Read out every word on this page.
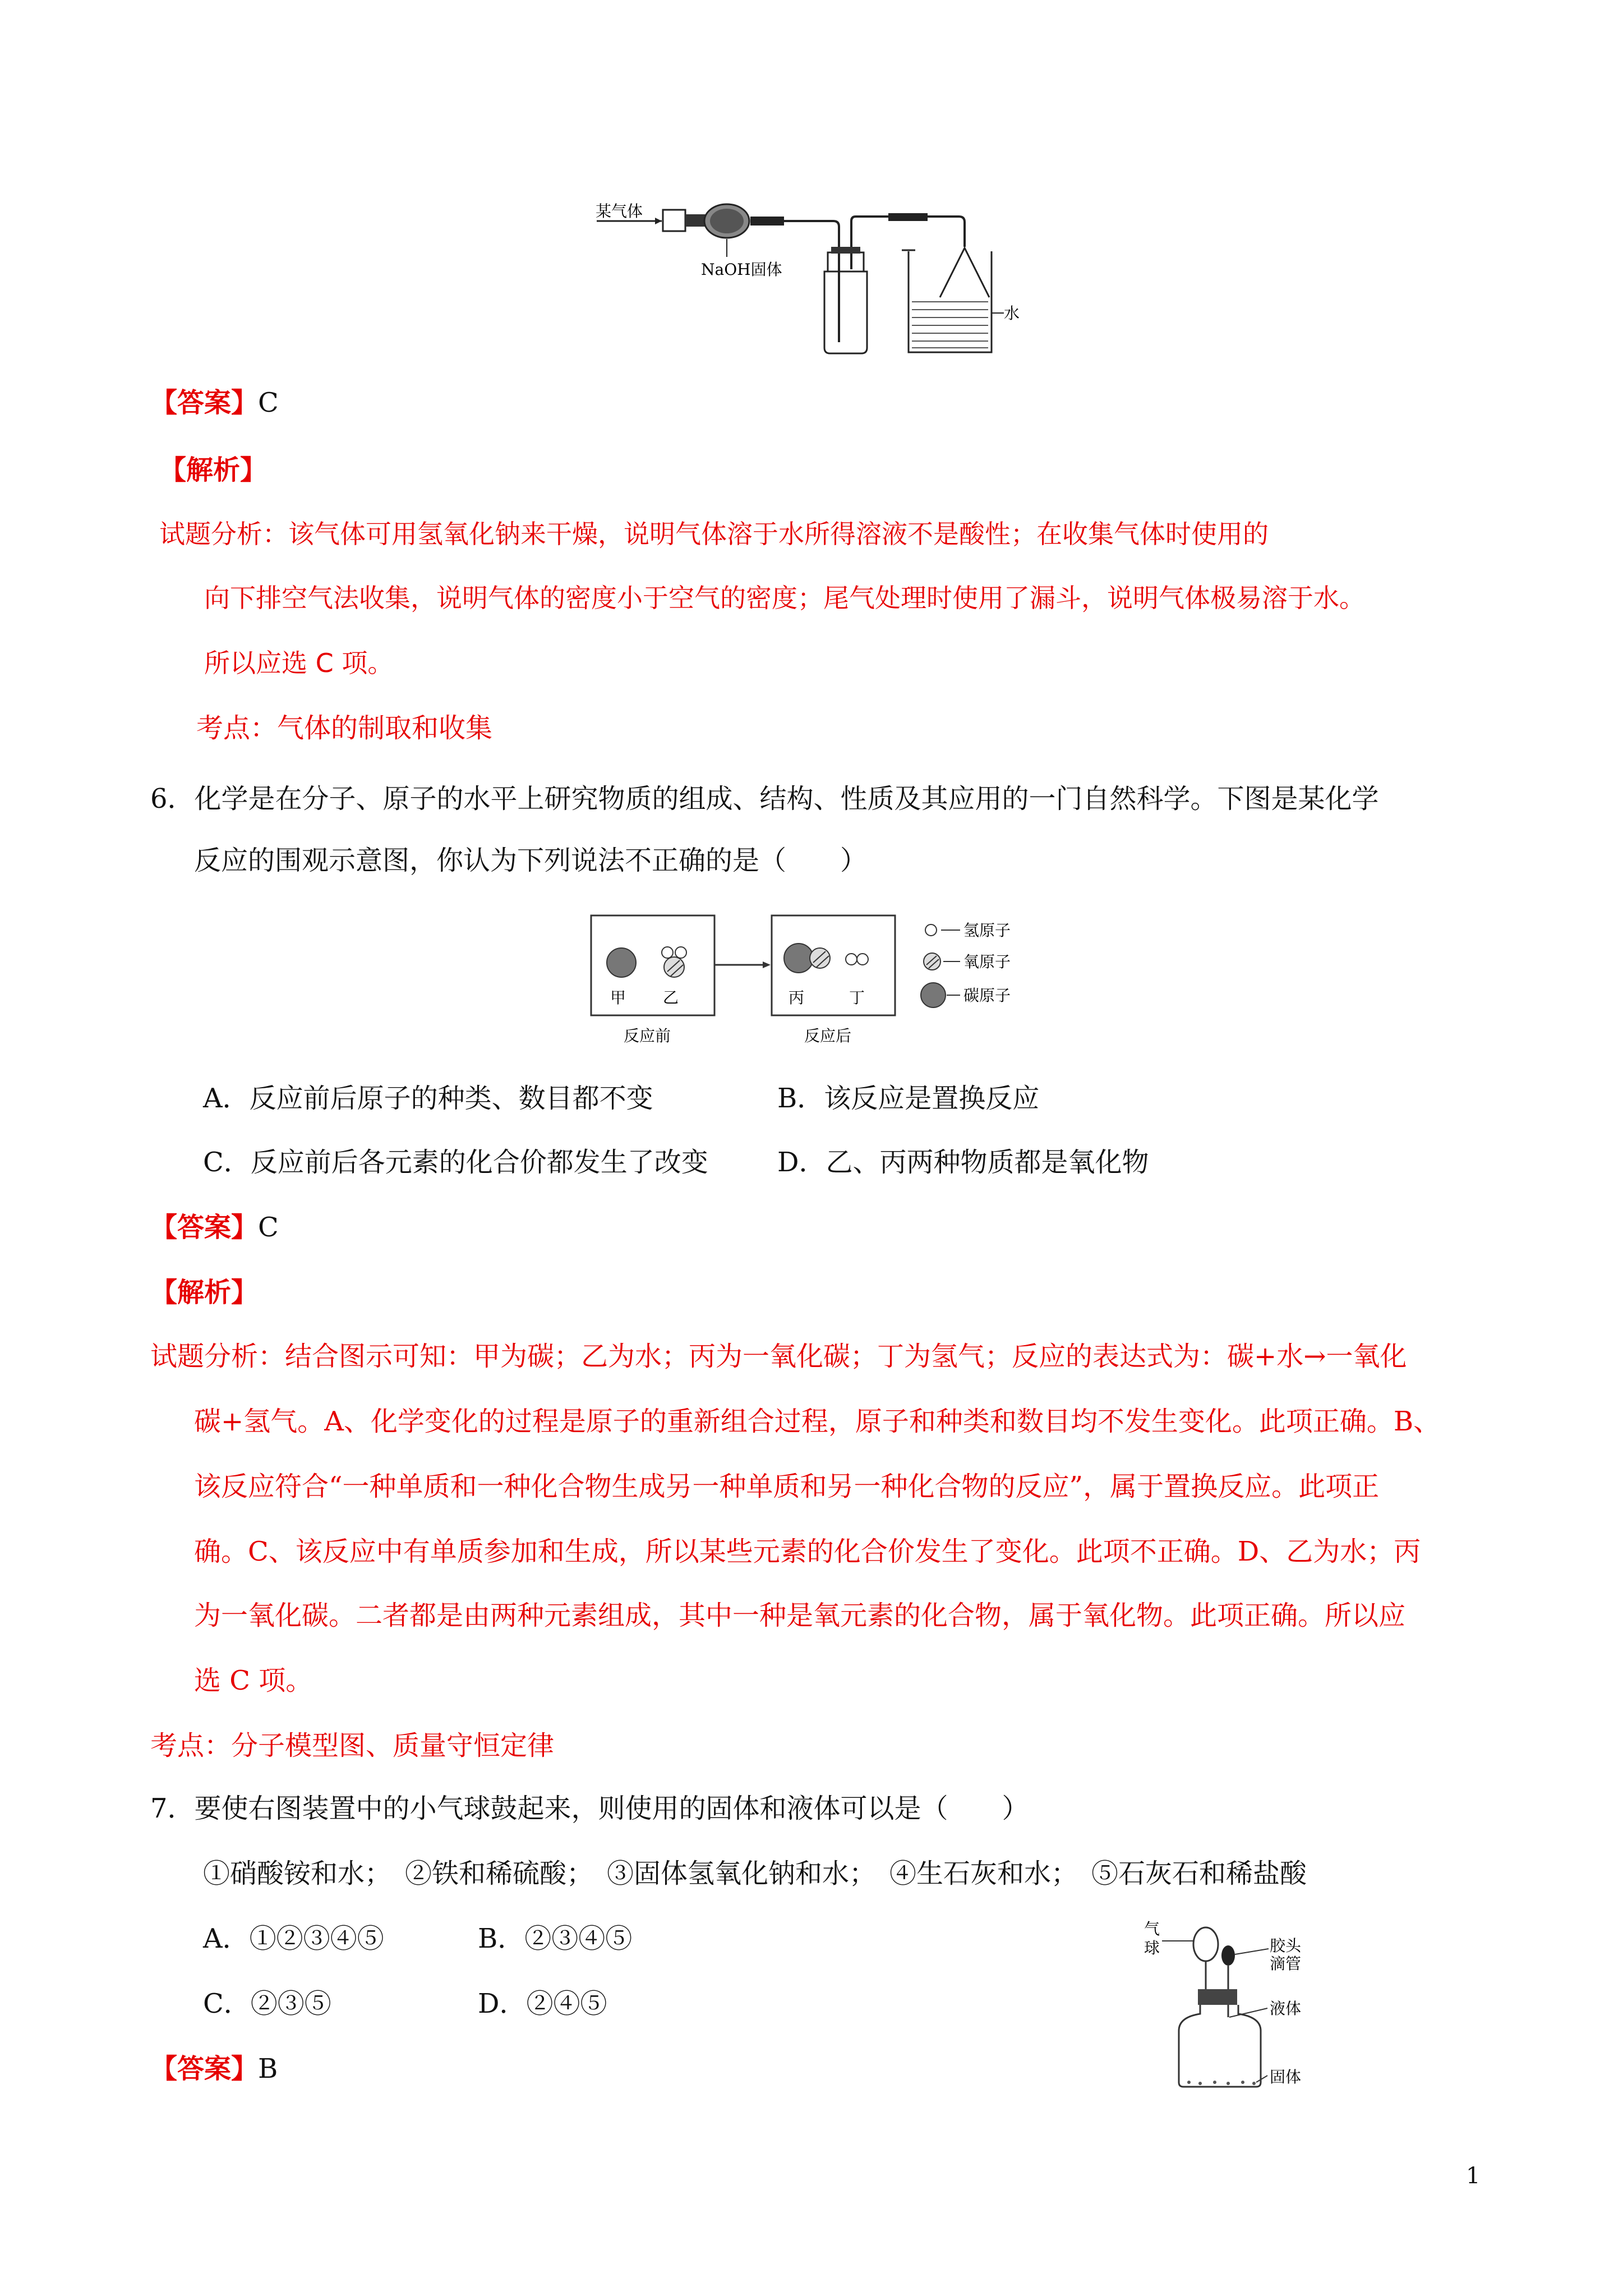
某气体
NaOH固体
水
【答案】C
【解析】
试题分析：该气体可用氢氧化钠来干燥，说明气体溶于水所得溶液不是酸性；在收集气体时使用的
向下排空气法收集，说明气体的密度小于空气的密度；尾气处理时使用了漏斗，说明气体极易溶于水。
所以应选 C 项。
考点：气体的制取和收集
6．化学是在分子、原子的水平上研究物质的组成、结构、性质及其应用的一门自然科学。下图是某化学
反应的围观示意图，你认为下列说法不正确的是（　　）
甲 乙
反应前
丙	丁
反应后
氢原子
氧原子
碳原子
A．反应前后原子的种类、数目都不变	B．该反应是置换反应
C．反应前后各元素的化合价都发生了改变	D．乙、丙两种物质都是氧化物
【答案】C
【解析】
试题分析：结合图示可知：甲为碳；乙为水；丙为一氧化碳；丁为氢气；反应的表达式为：碳+水→一氧化
碳+氢气。A、化学变化的过程是原子的重新组合过程，原子和种类和数目均不发生变化。此项正确。B、
该反应符合“一种单质和一种化合物生成另一种单质和另一种化合物的反应”，属于置换反应。此项正
确。C、该反应中有单质参加和生成，所以某些元素的化合价发生了变化。此项不正确。D、乙为水；丙
为一氧化碳。二者都是由两种元素组成，其中一种是氧元素的化合物，属于氧化物。此项正确。所以应
选 C 项。
考点：分子模型图、质量守恒定律
7．要使右图装置中的小气球鼓起来，则使用的固体和液体可以是（　　）
①硝酸铵和水；　②铁和稀硫酸；　③固体氢氧化钠和水；　④生石灰和水；　⑤石灰石和稀盐酸
A．①②③④⑤	B．②③④⑤
C．②③⑤	D．②④⑤
气
球	胶头
滴管
液体
固体
【答案】B
1
